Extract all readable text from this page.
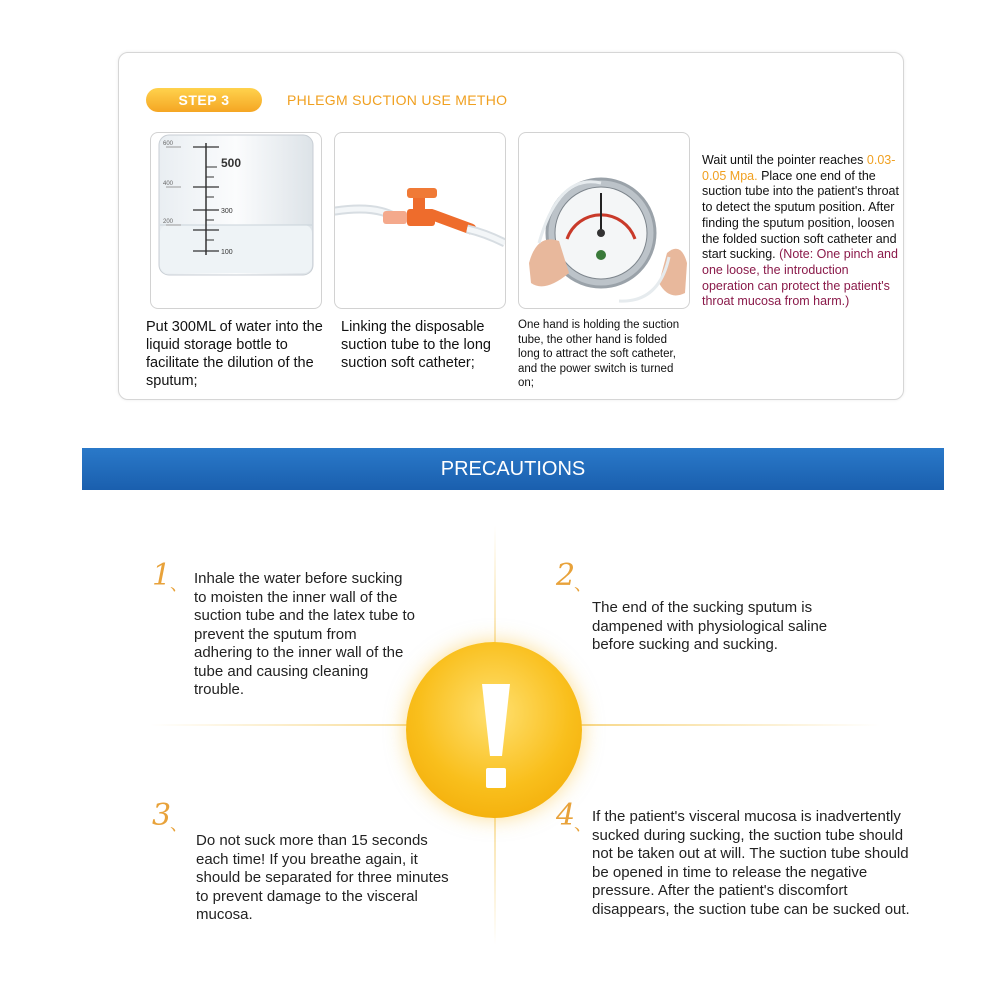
STEP 3	PHLEGM SUCTION USE METHO
600
500
400
300
200
100
Put 300ML of water into the liquid storage bottle to facilitate the dilution of the sputum;
Linking the disposable suction tube to the long suction soft catheter;
One hand is holding the suction tube, the other hand is folded long to attract the soft catheter, and the power switch is turned on;
Wait until the pointer reaches 0.03-0.05 Mpa. Place one end of the suction tube into the patient's throat to detect the sputum position. After finding the sputum position, loosen the folded suction soft catheter and start sucking. (Note: One pinch and one loose, the introduction operation can protect the patient's throat mucosa from harm.)
PRECAUTIONS
1
、 Inhale the water before sucking to moisten the inner wall of the suction tube and the latex tube to prevent the sputum from adhering to the inner wall of the tube and causing cleaning trouble.
2
、
The end of the sucking sputum is dampened with physiological saline before sucking and sucking.
3
、
Do not suck more than 15 seconds each time! If you breathe again, it should be separated for three minutes to prevent damage to the visceral mucosa.
4
、 If the patient's visceral mucosa is inadvertently sucked during sucking, the suction tube should not be taken out at will. The suction tube should be opened in time to release the negative pressure. After the patient's discomfort disappears, the suction tube can be sucked out.
